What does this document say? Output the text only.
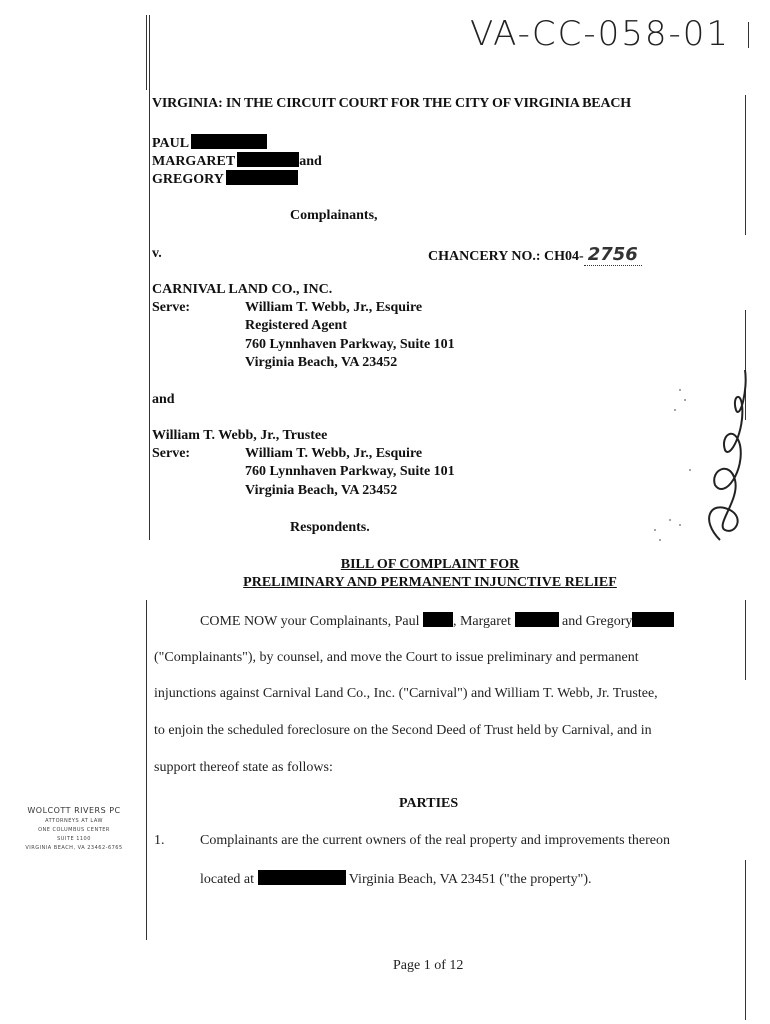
VA-CC-058-01
VIRGINIA: IN THE CIRCUIT COURT FOR THE CITY OF VIRGINIA BEACH
PAUL
MARGARET	and
GREGORY
Complainants,
v.	CHANCERY NO.: CH04- 2756
CARNIVAL LAND CO., INC.
Serve:	William T. Webb, Jr., Esquire
Registered Agent
760 Lynnhaven Parkway, Suite 101
Virginia Beach, VA 23452
and
William T. Webb, Jr., Trustee
Serve:	William T. Webb, Jr., Esquire
760 Lynnhaven Parkway, Suite 101
Virginia Beach, VA 23452
Respondents.
BILL OF COMPLAINT FOR
PRELIMINARY AND PERMANENT INJUNCTIVE RELIEF
COME NOW your Complainants, Paul , Margaret	and Gregory
("Complainants"), by counsel, and move the Court to issue preliminary and permanent
injunctions against Carnival Land Co., Inc. ("Carnival") and William T. Webb, Jr. Trustee,
to enjoin the scheduled foreclosure on the Second Deed of Trust held by Carnival, and in
support thereof state as follows:
PARTIES
1.	Complainants are the current owners of the real property and improvements thereon
located at	Virginia Beach, VA 23451 ("the property").
WOLCOTT RIVERS PC
ATTORNEYS AT LAW
ONE COLUMBUS CENTER
SUITE 1100
VIRGINIA BEACH, VA 23462-6765
Page 1 of 12
